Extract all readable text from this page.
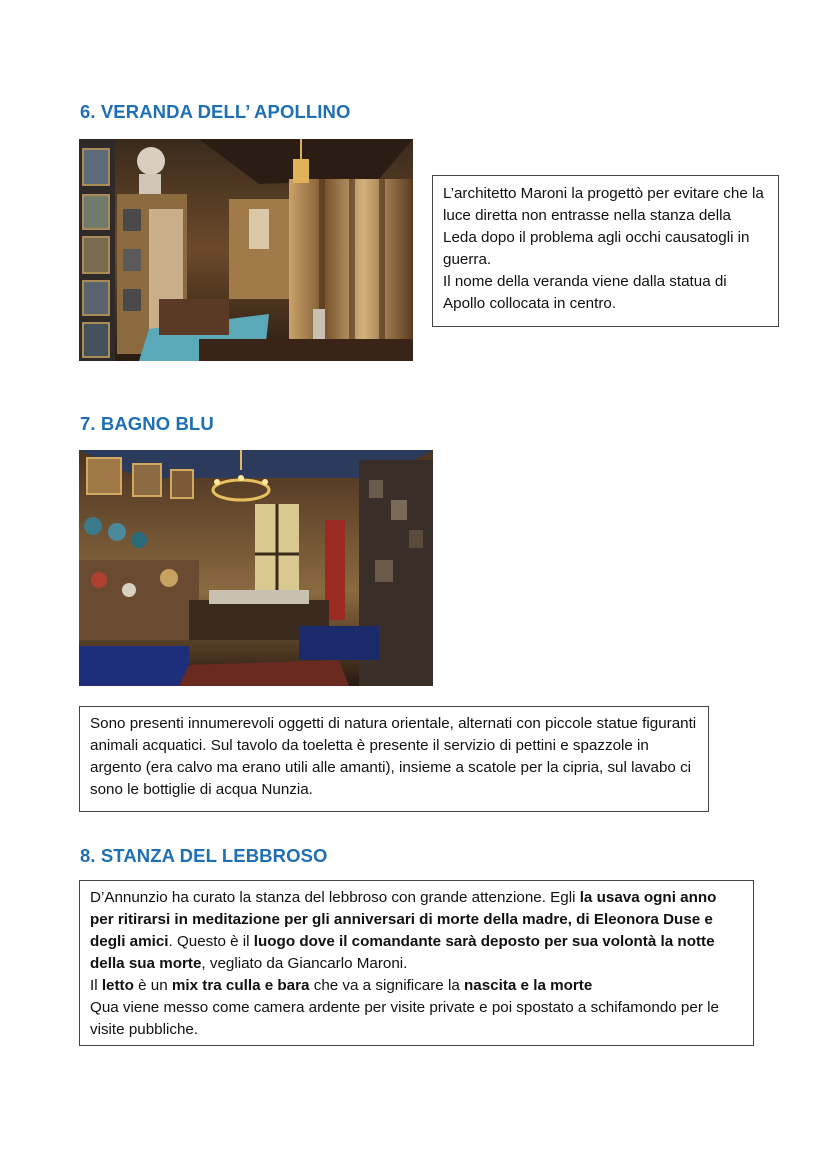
6. VERANDA DELL’ APOLLINO

L’architetto Maroni la progettò per evitare che la luce diretta non entrasse nella stanza della Leda dopo il problema agli occhi causatogli in guerra.

Il nome della veranda viene dalla statua di Apollo collocata in centro.

7. BAGNO BLU

Sono presenti innumerevoli oggetti di natura orientale, alternati con piccole statue figuranti animali acquatici. Sul tavolo da toeletta è presente il servizio di pettini e spazzole in argento (era calvo ma erano utili alle amanti), insieme a scatole per la cipria, sul lavabo ci sono le bottiglie di acqua Nunzia.

8. STANZA DEL LEBBROSO

D’Annunzio ha curato la stanza del lebbroso con grande attenzione. Egli la usava ogni anno per ritirarsi in meditazione per gli anniversari di morte della madre, di Eleonora Duse e degli amici. Questo è il luogo dove il comandante sarà deposto per sua volontà la notte della sua morte, vegliato da Giancarlo Maroni.

Il letto è un mix tra culla e bara che va a significare la nascita e la morte

Qua viene messo come camera ardente per visite private e poi spostato a schifamondo per le visite pubbliche.
